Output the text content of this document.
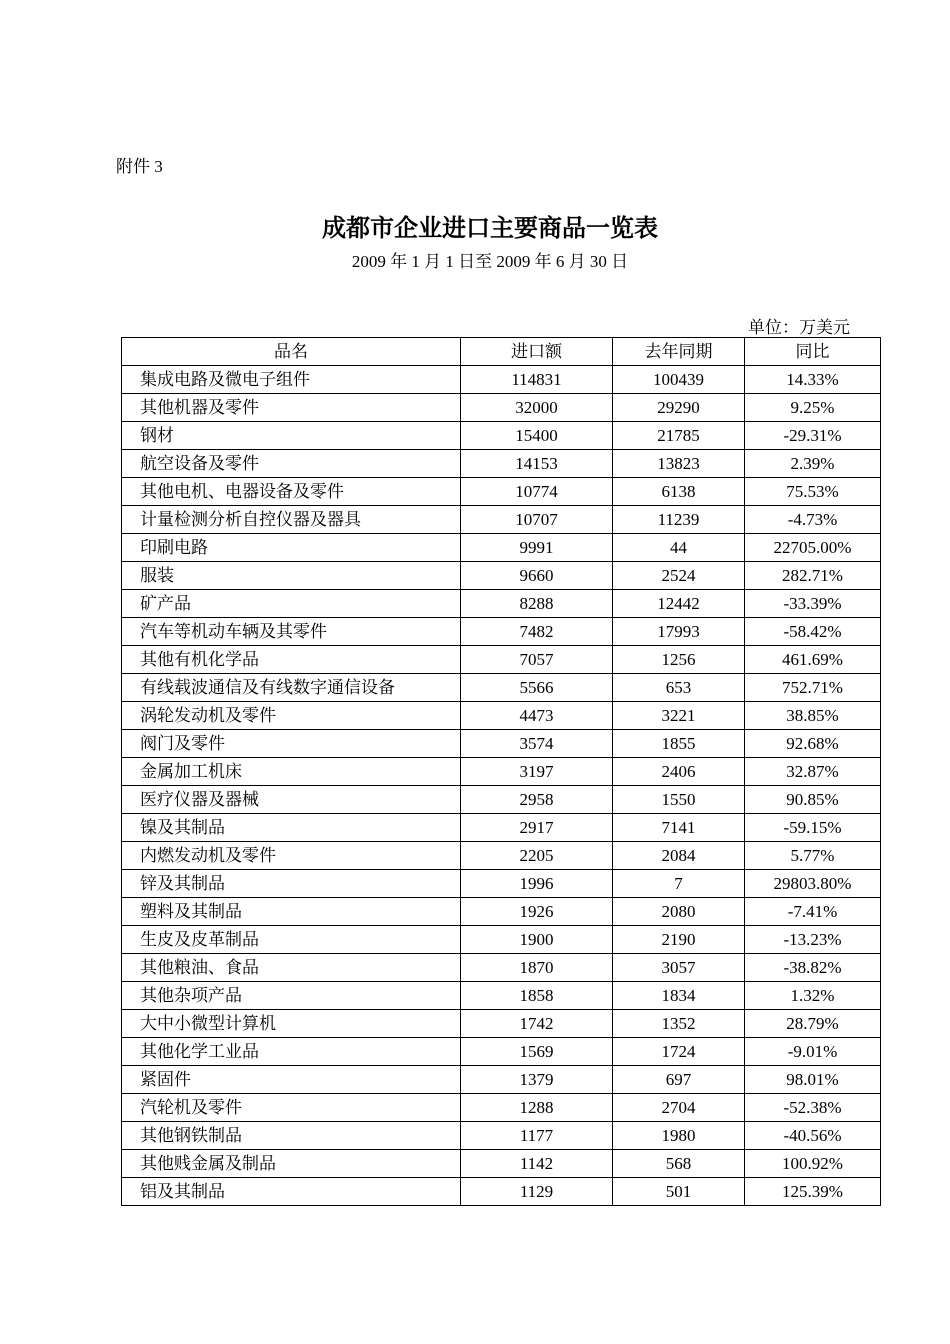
附件 3
成都市企业进口主要商品一览表
2009 年 1 月 1 日至 2009 年 6 月 30 日
单位：万美元
品名	进口额	去年同期	同比
集成电路及微电子组件	114831	100439	14.33%
其他机器及零件	32000	29290	9.25%
钢材	15400	21785	-29.31%
航空设备及零件	14153	13823	2.39%
其他电机、电器设备及零件	10774	6138	75.53%
计量检测分析自控仪器及器具	10707	11239	-4.73%
印刷电路	9991	44	22705.00%
服装	9660	2524	282.71%
矿产品	8288	12442	-33.39%
汽车等机动车辆及其零件	7482	17993	-58.42%
其他有机化学品	7057	1256	461.69%
有线载波通信及有线数字通信设备	5566	653	752.71%
涡轮发动机及零件	4473	3221	38.85%
阀门及零件	3574	1855	92.68%
金属加工机床	3197	2406	32.87%
医疗仪器及器械	2958	1550	90.85%
镍及其制品	2917	7141	-59.15%
内燃发动机及零件	2205	2084	5.77%
锌及其制品	1996	7	29803.80%
塑料及其制品	1926	2080	-7.41%
生皮及皮革制品	1900	2190	-13.23%
其他粮油、食品	1870	3057	-38.82%
其他杂项产品	1858	1834	1.32%
大中小微型计算机	1742	1352	28.79%
其他化学工业品	1569	1724	-9.01%
紧固件	1379	697	98.01%
汽轮机及零件	1288	2704	-52.38%
其他钢铁制品	1177	1980	-40.56%
其他贱金属及制品	1142	568	100.92%
铝及其制品	1129	501	125.39%
